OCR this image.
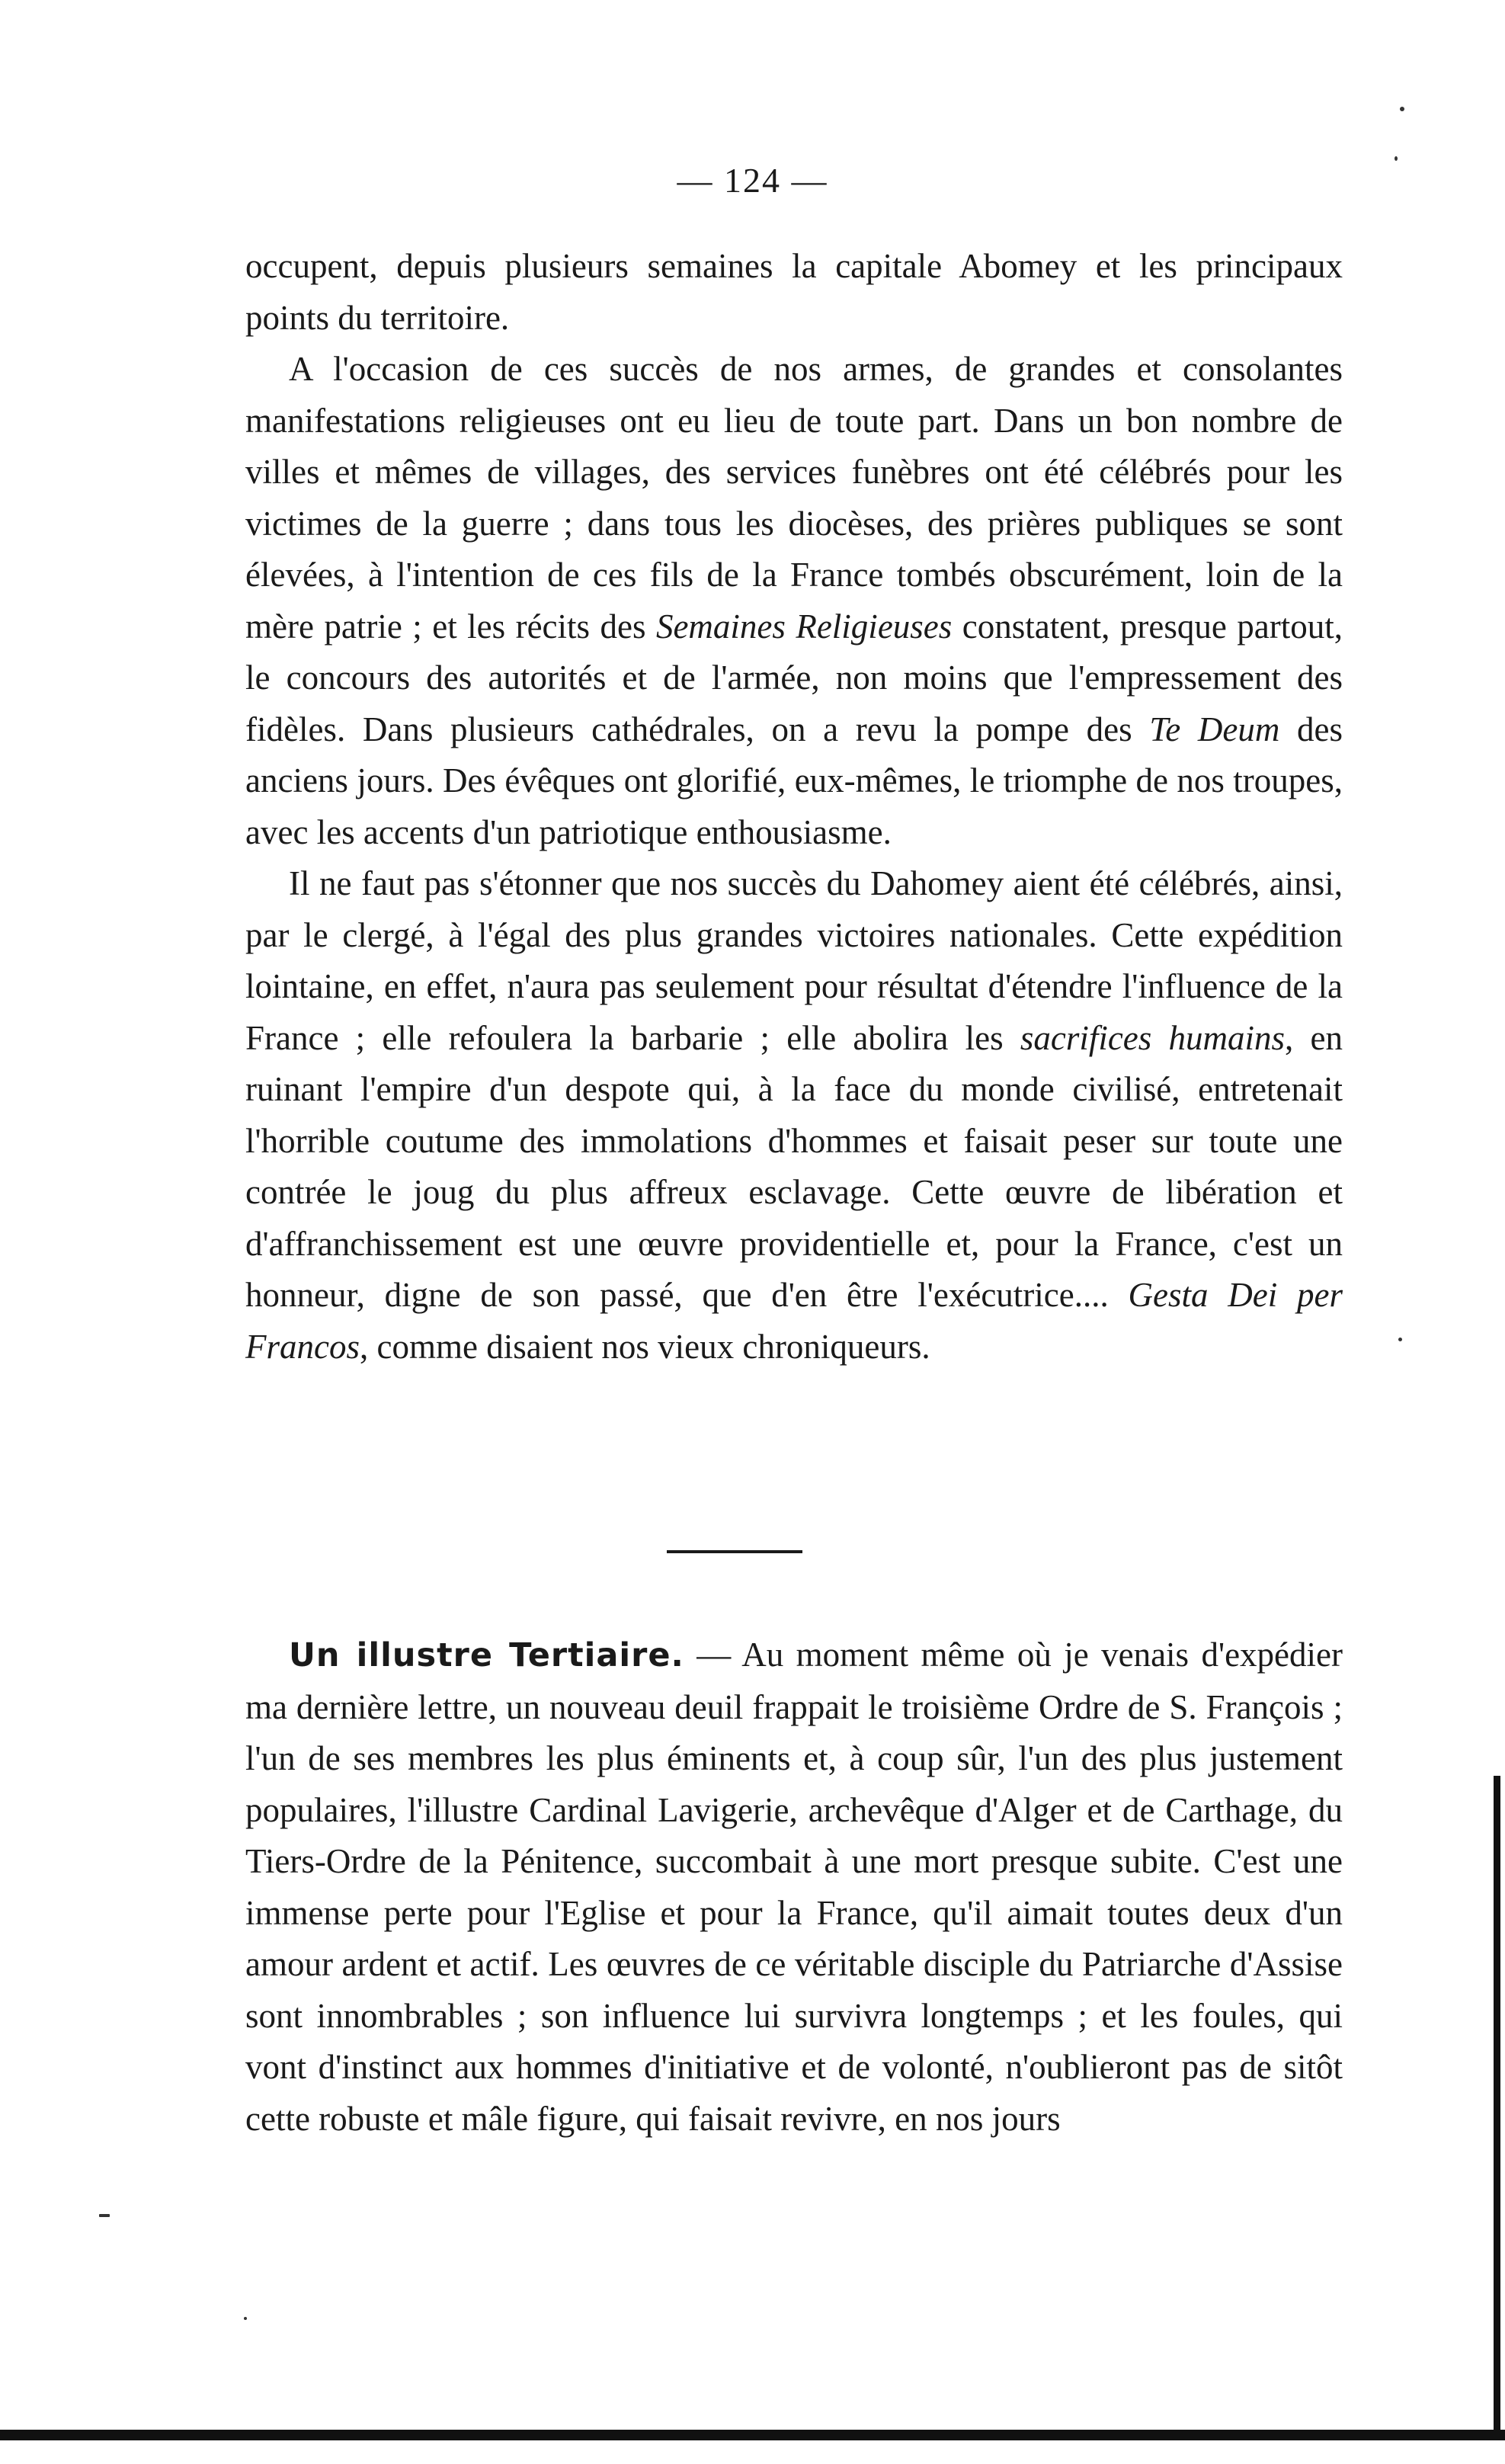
— 124 —

occupent, depuis plusieurs semaines la capitale Abomey et les principaux points du territoire.

A l'occasion de ces succès de nos armes, de grandes et consolantes manifestations religieuses ont eu lieu de toute part. Dans un bon nombre de villes et mêmes de villages, des services funèbres ont été célébrés pour les victimes de la guerre ; dans tous les diocèses, des prières publiques se sont élevées, à l'intention de ces fils de la France tombés obscurément, loin de la mère patrie ; et les récits des Semaines Religieuses constatent, presque partout, le concours des autorités et de l'armée, non moins que l'empressement des fidèles. Dans plusieurs cathédrales, on a revu la pompe des Te Deum des anciens jours. Des évêques ont glorifié, eux-mêmes, le triomphe de nos troupes, avec les accents d'un patriotique enthousiasme.

Il ne faut pas s'étonner que nos succès du Dahomey aient été célébrés, ainsi, par le clergé, à l'égal des plus grandes victoires nationales. Cette expédition lointaine, en effet, n'aura pas seulement pour résultat d'étendre l'influence de la France ; elle refoulera la barbarie ; elle abolira les sacrifices humains, en ruinant l'empire d'un despote qui, à la face du monde civilisé, entretenait l'horrible coutume des immolations d'hommes et faisait peser sur toute une contrée le joug du plus affreux esclavage. Cette œuvre de libération et d'affranchissement est une œuvre providentielle et, pour la France, c'est un honneur, digne de son passé, que d'en être l'exécutrice.... Gesta Dei per Francos, comme disaient nos vieux chroniqueurs.

Un illustre Tertiaire. — Au moment même où je venais d'expédier ma dernière lettre, un nouveau deuil frappait le troisième Ordre de S. François ; l'un de ses membres les plus éminents et, à coup sûr, l'un des plus justement populaires, l'illustre Cardinal Lavigerie, archevêque d'Alger et de Carthage, du Tiers-Ordre de la Pénitence, succombait à une mort presque subite. C'est une immense perte pour l'Eglise et pour la France, qu'il aimait toutes deux d'un amour ardent et actif. Les œuvres de ce véritable disciple du Patriarche d'Assise sont innombrables ; son influence lui survivra longtemps ; et les foules, qui vont d'instinct aux hommes d'initiative et de volonté, n'oublieront pas de sitôt cette robuste et mâle figure, qui faisait revivre, en nos jours
